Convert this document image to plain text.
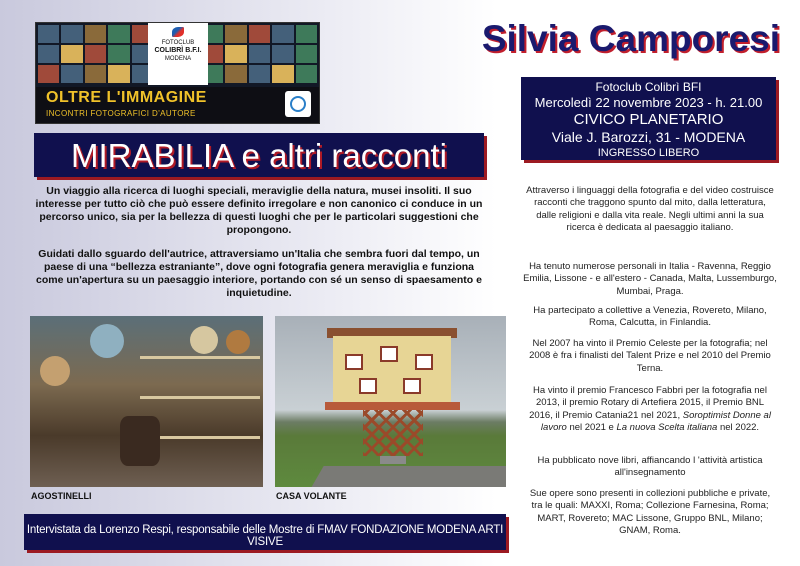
FOTOCLUB
COLIBRÌ B.F.I.
MODENA
OLTRE L'IMMAGINE
INCONTRI FOTOGRAFICI D'AUTORE
Silvia Camporesi
Fotoclub Colibrì BFI
Mercoledì 22 novembre 2023 - h. 21.00
CIVICO PLANETARIO
Viale J. Barozzi, 31 - MODENA
INGRESSO LIBERO
MIRABILIA e altri racconti
Un viaggio alla ricerca di luoghi speciali, meraviglie della natura, musei insoliti. Il suo interesse per tutto ciò che può essere definito irregolare e non canonico ci conduce in un percorso unico, sia per la bellezza di questi luoghi che per le particolari suggestioni che propongono.
Guidati dallo sguardo dell'autrice, attraversiamo un'Italia che sembra fuori dal tempo, un paese di una “bellezza estraniante”, dove ogni fotografia genera meraviglia e funziona come un'apertura su un paesaggio interiore, portando con sé un senso di spaesamento e inquietudine.
AGOSTINELLI	CASA VOLANTE
Intervistata da Lorenzo Respi, responsabile delle Mostre di FMAV FONDAZIONE MODENA ARTI VISIVE
Attraverso i linguaggi della fotografia e del video costruisce racconti che traggono spunto dal mito, dalla letteratura, dalle religioni e dalla vita reale. Negli ultimi anni la sua ricerca è dedicata al paesaggio italiano.
Ha tenuto numerose personali in Italia - Ravenna, Reggio Emilia, Lissone - e all'estero - Canada, Malta, Lussemburgo, Mumbai, Praga.
Ha partecipato a collettive a Venezia, Rovereto, Milano, Roma, Calcutta, in Finlandia.
Nel 2007 ha vinto il Premio Celeste per la fotografia; nel 2008 è fra i finalisti del Talent Prize e nel 2010 del Premio Terna.
Ha vinto il premio Francesco Fabbri per la fotografia nel 2013, il premio Rotary di Artefiera 2015, il Premio BNL 2016, il Premio Catania21 nel 2021, Soroptimist Donne al lavoro nel 2021 e La nuova Scelta italiana nel 2022.
Ha pubblicato nove libri, affiancando l 'attività artistica all'insegnamento
Sue opere sono presenti in collezioni pubbliche e private, tra le quali: MAXXI, Roma; Collezione Farnesina, Roma; MART, Rovereto; MAC Lissone, Gruppo BNL, Milano; GNAM, Roma.
